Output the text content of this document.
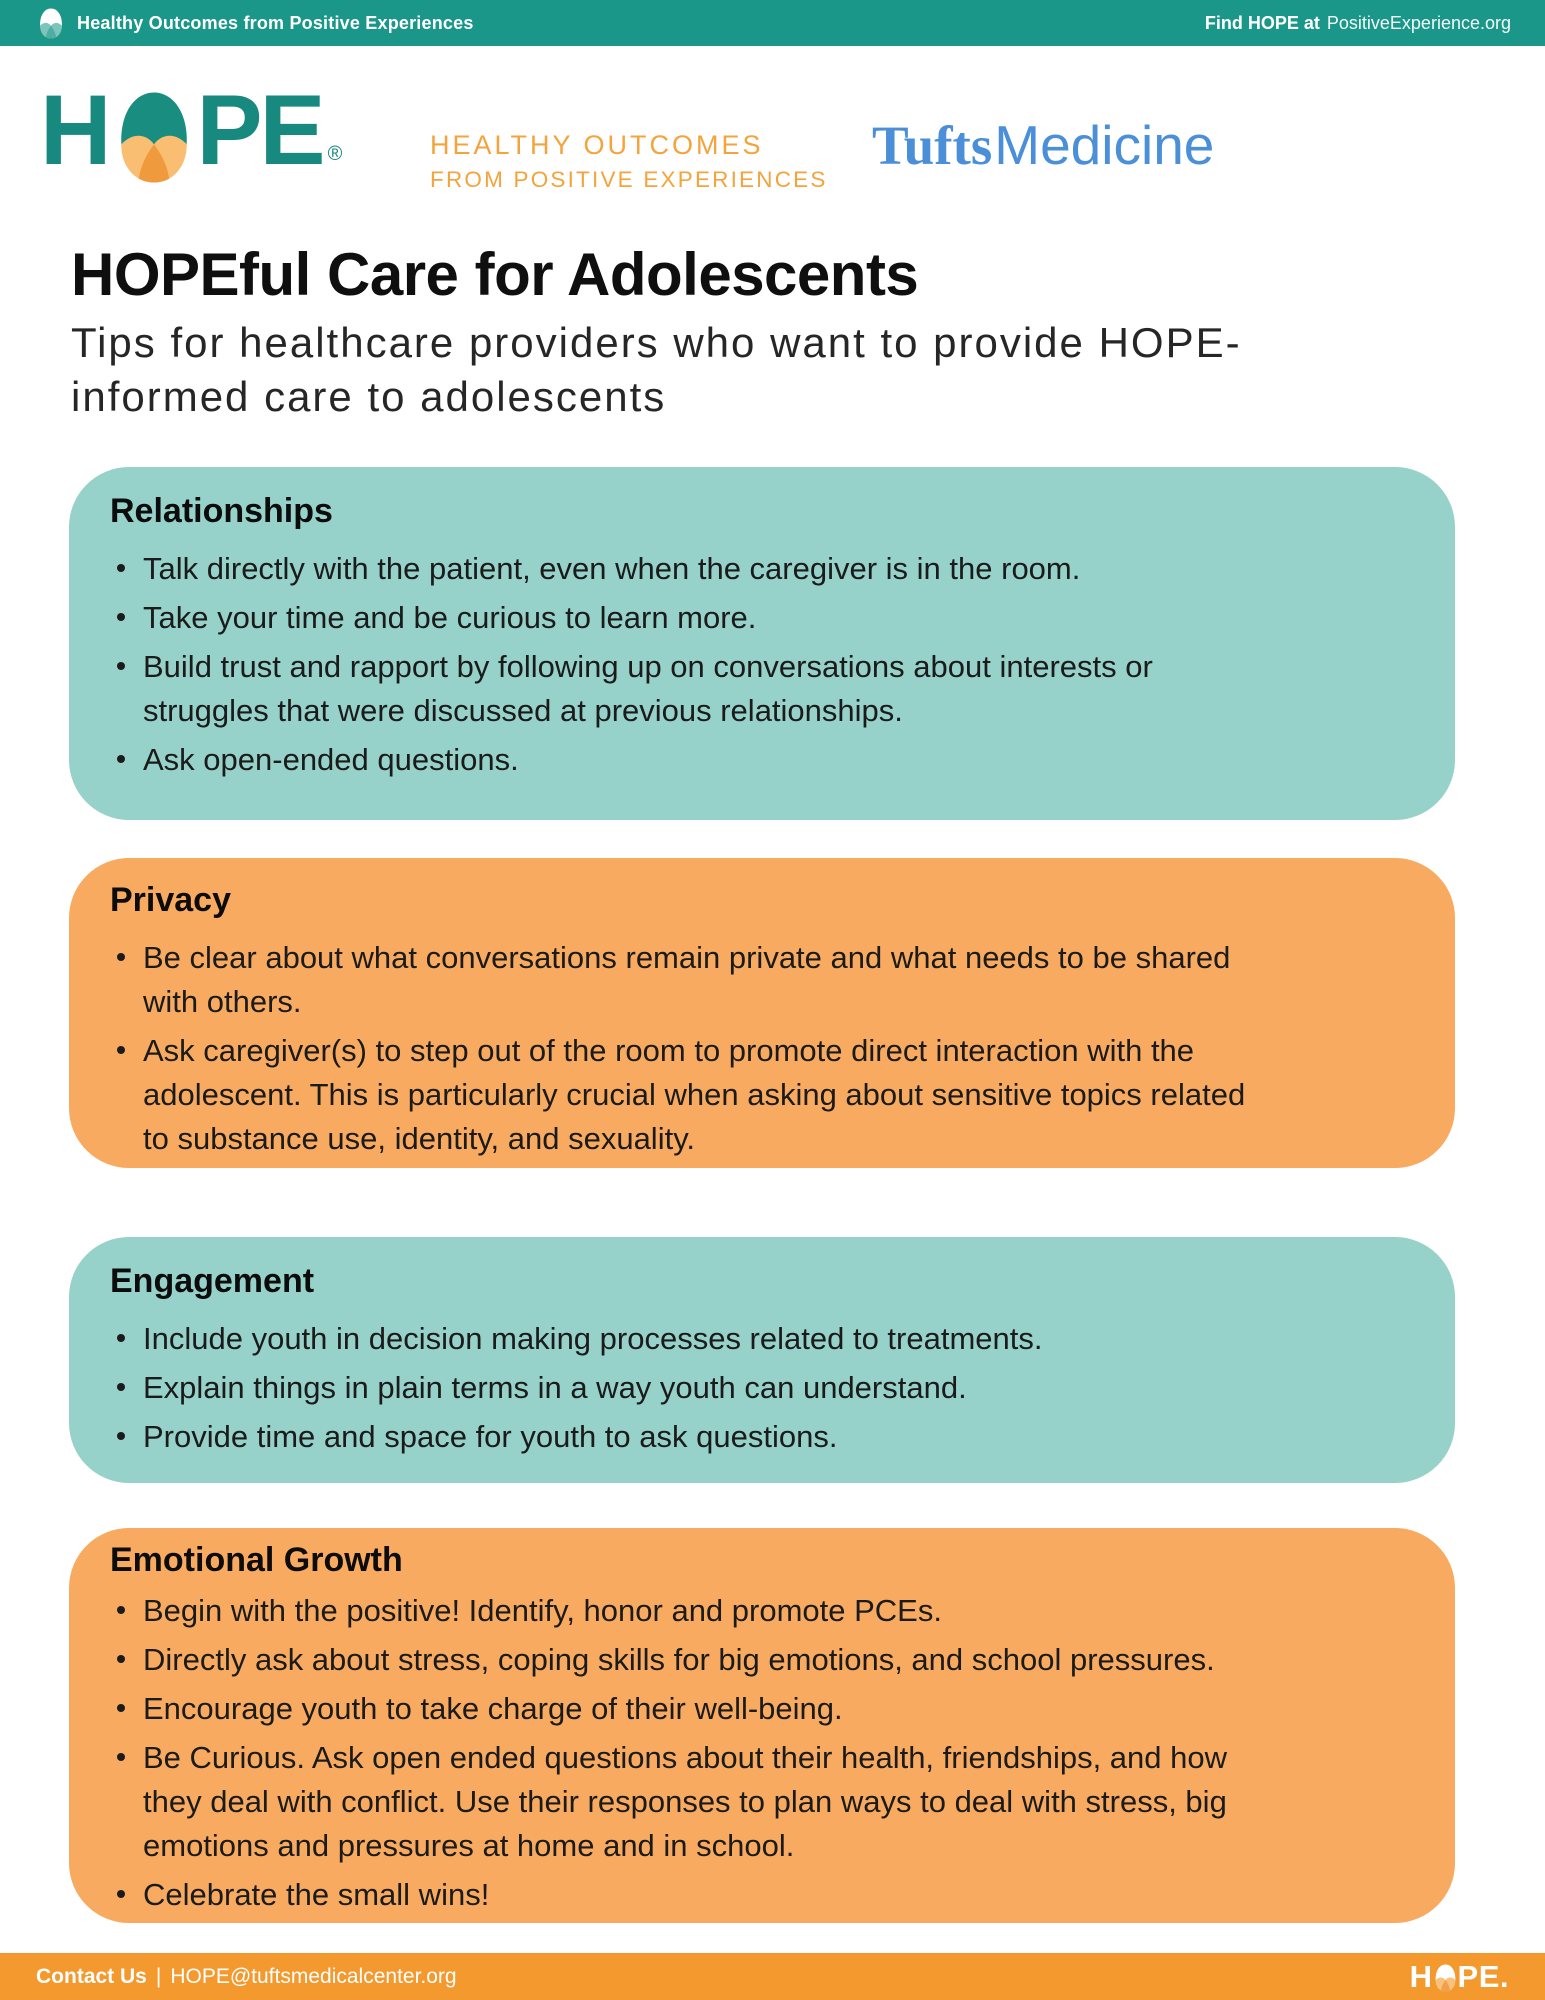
Healthy Outcomes from Positive Experiences	Find HOPE at PositiveExperience.org
H PE ®	HEALTHY OUTCOMES
FROM POSITIVE EXPERIENCES
TuftsMedicine
HOPEful Care for Adolescents

Tips for healthcare providers who want to provide HOPE-informed care to adolescents

Relationships
Talk directly with the patient, even when the caregiver is in the room.
Take your time and be curious to learn more.
Build trust and rapport by following up on conversations about interests or struggles that were discussed at previous relationships.
Ask open-ended questions.
Privacy
Be clear about what conversations remain private and what needs to be shared with others.
Ask caregiver(s) to step out of the room to promote direct interaction with the adolescent. This is particularly crucial when asking about sensitive topics related to substance use, identity, and sexuality.
Engagement
Include youth in decision making processes related to treatments.
Explain things in plain terms in a way youth can understand.
Provide time and space for youth to ask questions.
Emotional Growth
Begin with the positive! Identify, honor and promote PCEs.
Directly ask about stress, coping skills for big emotions, and school pressures.
Encourage youth to take charge of their well-being.
Be Curious. Ask open ended questions about their health, friendships, and how they deal with conflict. Use their responses to plan ways to deal with stress, big emotions and pressures at home and in school.
Celebrate the small wins!
Contact Us | HOPE@tuftsmedicalcenter.org	H PE.
